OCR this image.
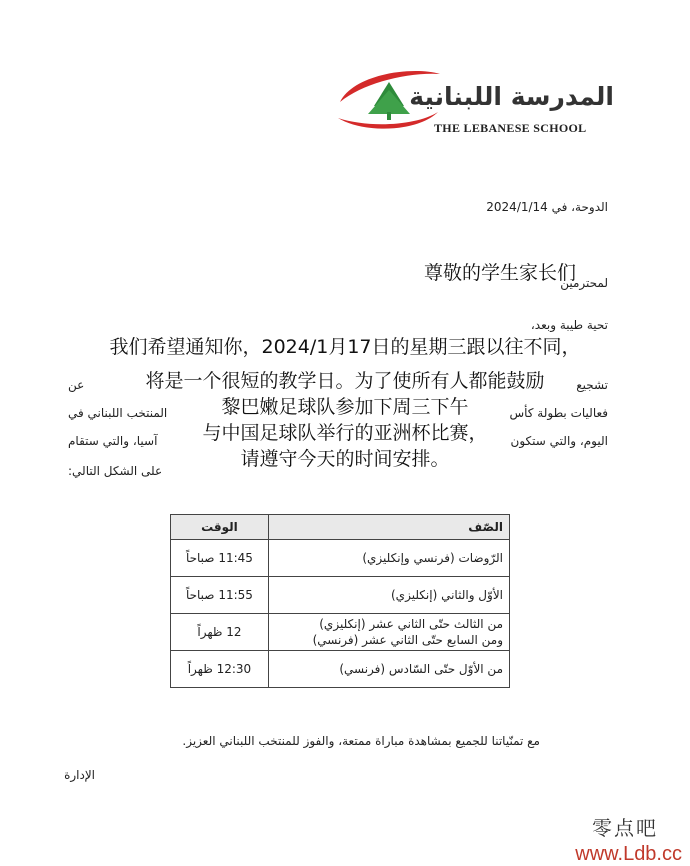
المدرسة اللبنانية
THE LEBANESE SCHOOL
الدوحة، في 2024/1/14
尊敬的学生家长们
لمحترمين
تحية طيبة وبعد،
عن
المنتخب اللبناني في
آسيا، والتي ستقام
على الشكل التالي:
تشجيع
فعاليات بطولة كأس
اليوم، والتي ستكون
我们希望通知你，2024/1月17日的星期三跟以往不同，
将是一个很短的教学日。为了使所有人都能鼓励
黎巴嫩足球队参加下周三下午
与中国足球队举行的亚洲杯比赛，
请遵守今天的时间安排。
الصّف	الوقت
الرّوضات (فرنسي وإنكليزي)	11:45 صباحاً
الأوّل والثاني (إنكليزي)	11:55 صباحاً
من الثالث حتّى الثاني عشر (إنكليزي)
ومن السابع حتّى الثاني عشر (فرنسي)	12 ظهراً
من الأوّل حتّى السّادس (فرنسي)	12:30 ظهراً
مع تمنّياتنا للجميع بمشاهدة مباراة ممتعة، والفوز للمنتخب اللبناني العزيز.
الإدارة
零点吧
www.Ldb.cc
